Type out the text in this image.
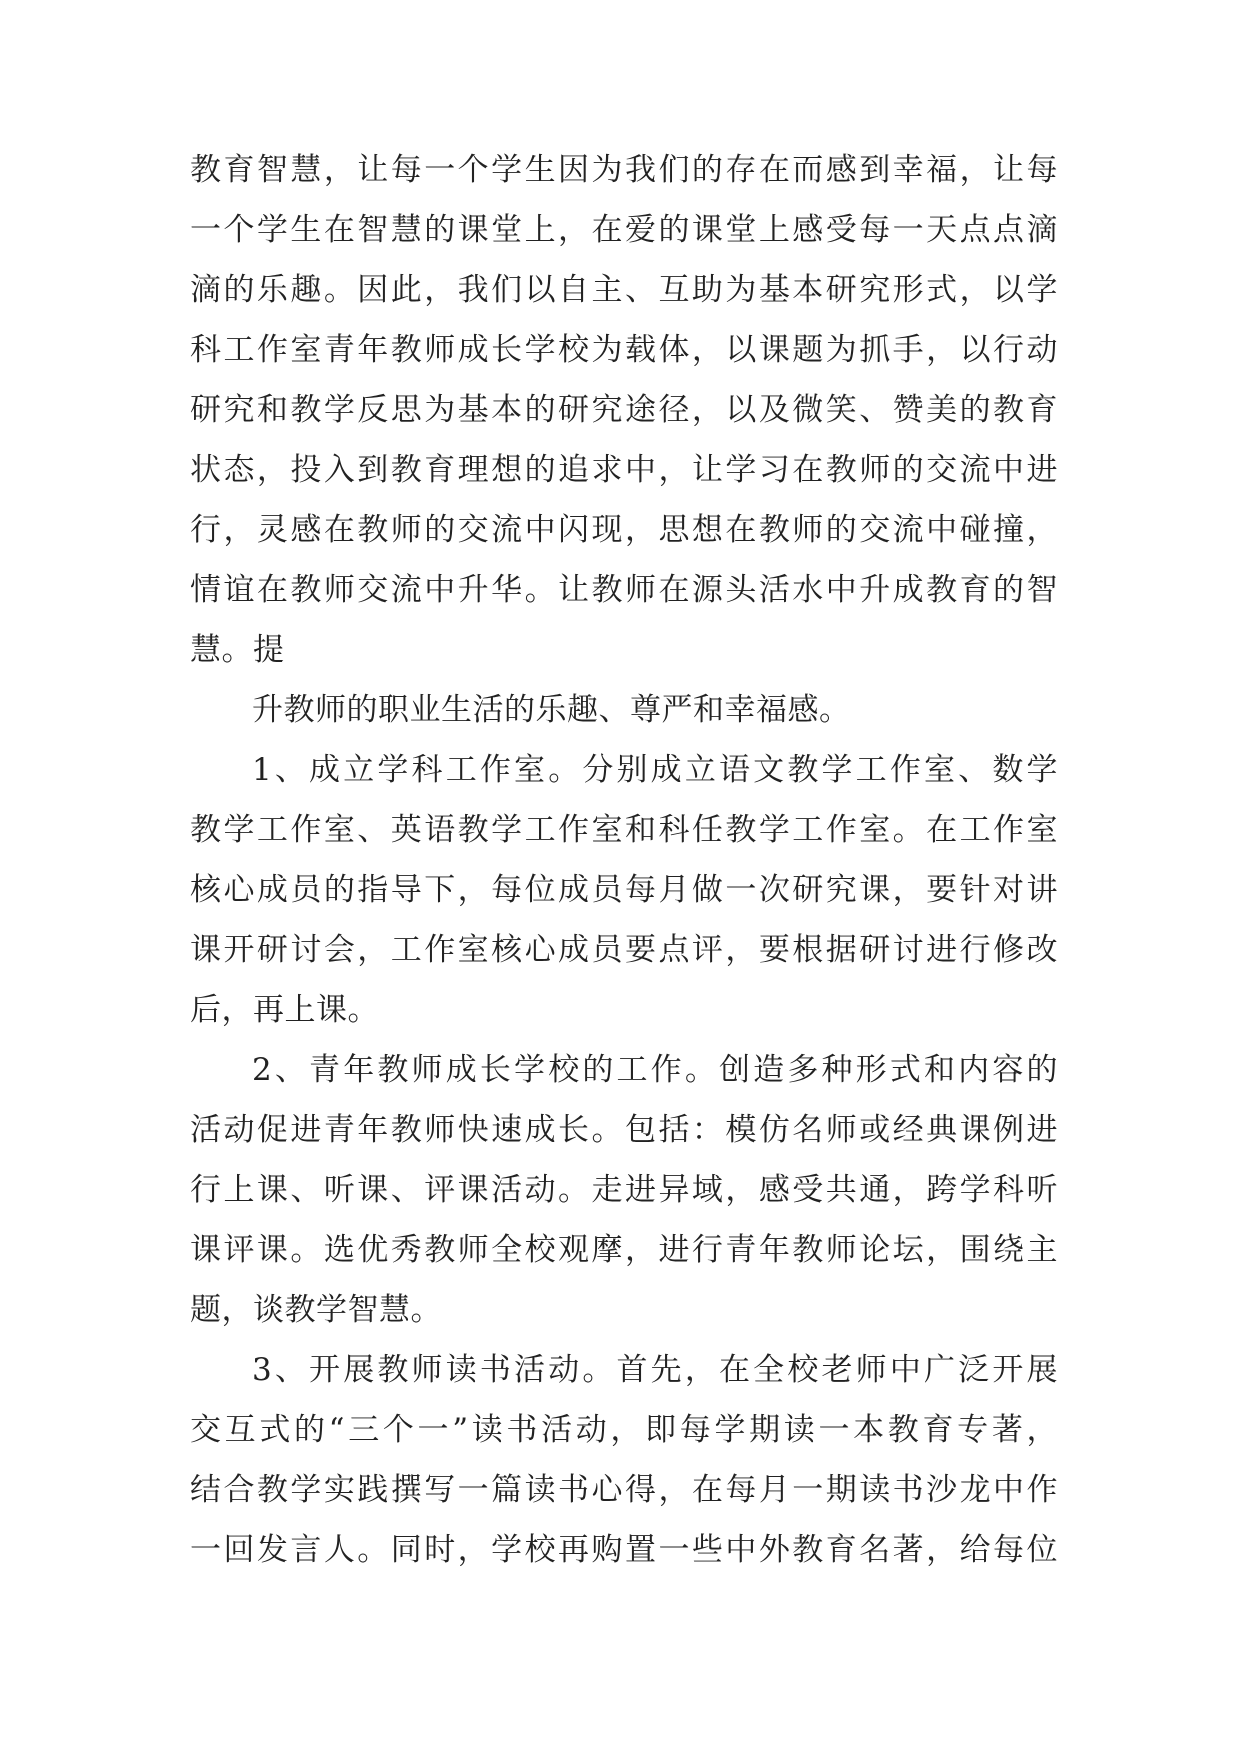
教育智慧，让每一个学生因为我们的存在而感到幸福，让每
一个学生在智慧的课堂上，在爱的课堂上感受每一天点点滴
滴的乐趣。因此，我们以自主、互助为基本研究形式，以学
科工作室青年教师成长学校为载体，以课题为抓手，以行动
研究和教学反思为基本的研究途径，以及微笑、赞美的教育
状态，投入到教育理想的追求中，让学习在教师的交流中进
行，灵感在教师的交流中闪现，思想在教师的交流中碰撞，
情谊在教师交流中升华。让教师在源头活水中升成教育的智
慧。提
升教师的职业生活的乐趣、尊严和幸福感。
1、成立学科工作室。分别成立语文教学工作室、数学
教学工作室、英语教学工作室和科任教学工作室。在工作室
核心成员的指导下，每位成员每月做一次研究课，要针对讲
课开研讨会，工作室核心成员要点评，要根据研讨进行修改
后，再上课。
2、青年教师成长学校的工作。创造多种形式和内容的
活动促进青年教师快速成长。包括：模仿名师或经典课例进
行上课、听课、评课活动。走进异域，感受共通，跨学科听
课评课。选优秀教师全校观摩，进行青年教师论坛，围绕主
题，谈教学智慧。
3、开展教师读书活动。首先，在全校老师中广泛开展
交互式的“三个一”读书活动，即每学期读一本教育专著，
结合教学实践撰写一篇读书心得，在每月一期读书沙龙中作
一回发言人。同时，学校再购置一些中外教育名著，给每位
